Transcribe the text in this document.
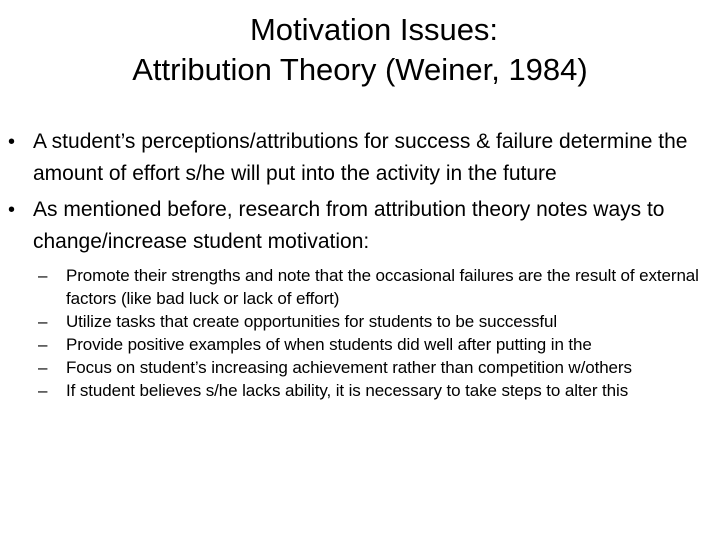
Motivation Issues:
Attribution Theory (Weiner, 1984)
• A student’s perceptions/attributions for success & failure determine the amount of effort s/he will put into the activity in the future
• As mentioned before, research from attribution theory notes ways to change/increase student motivation:
– Promote their strengths and note that the occasional failures are the result of external factors (like bad luck or lack of effort)
– Utilize tasks that create opportunities for students to be successful
– Provide positive examples of when students did well after putting in the
– Focus on student’s increasing achievement rather than competition w/others
– If student believes s/he lacks ability, it is necessary to take steps to alter this
